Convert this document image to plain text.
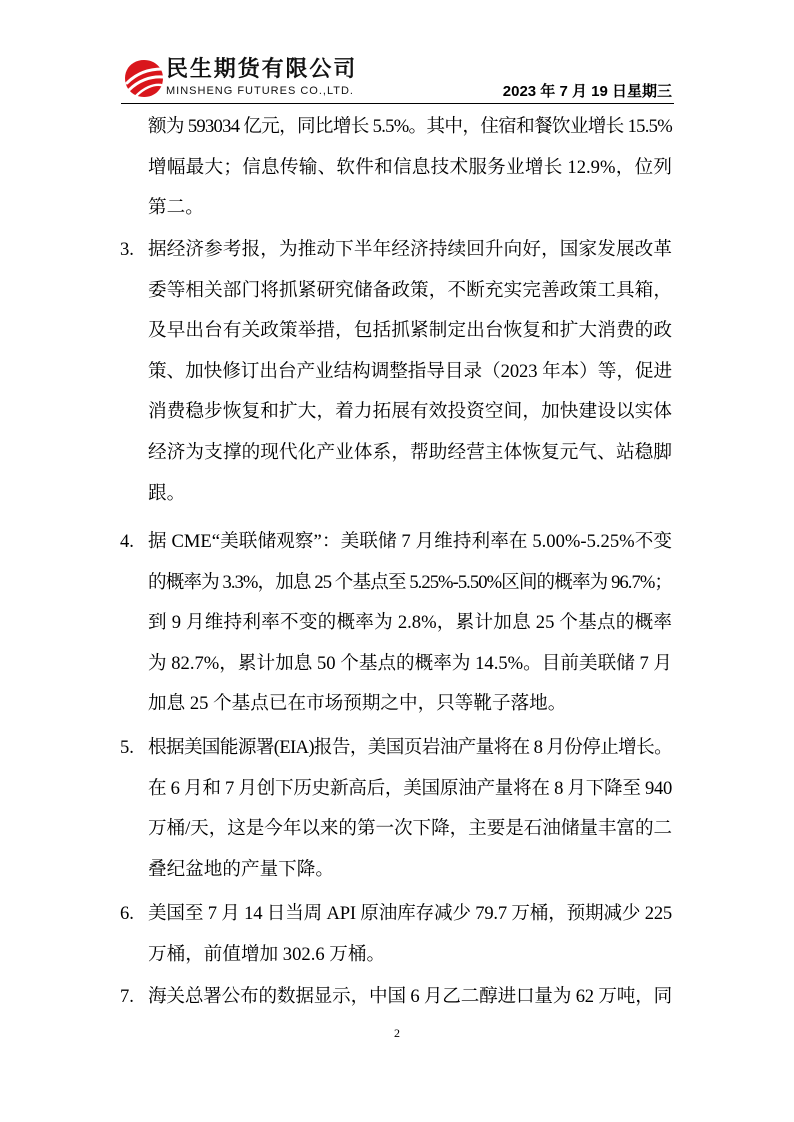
民生期货有限公司
MINSHENG FUTURES CO.,LTD.	2023 年 7 月 19 日星期三
额为 593034 亿元，同比增长 5.5%。其中，住宿和餐饮业增长 15.5%
增幅最大；信息传输、软件和信息技术服务业增长 12.9%，位列
第二。
3. 据经济参考报，为推动下半年经济持续回升向好，国家发展改革
委等相关部门将抓紧研究储备政策，不断充实完善政策工具箱，
及早出台有关政策举措，包括抓紧制定出台恢复和扩大消费的政
策、加快修订出台产业结构调整指导目录（2023 年本）等，促进
消费稳步恢复和扩大，着力拓展有效投资空间，加快建设以实体
经济为支撑的现代化产业体系，帮助经营主体恢复元气、站稳脚
跟。
4. 据 CME“美联储观察”：美联储 7 月维持利率在 5.00%-5.25%不变
的概率为 3.3%，加息 25 个基点至 5.25%-5.50%区间的概率为 96.7%；
到 9 月维持利率不变的概率为 2.8%，累计加息 25 个基点的概率
为 82.7%，累计加息 50 个基点的概率为 14.5%。目前美联储 7 月
加息 25 个基点已在市场预期之中，只等靴子落地。
5. 根据美国能源署(EIA)报告，美国页岩油产量将在 8 月份停止增长。
在 6 月和 7 月创下历史新高后，美国原油产量将在 8 月下降至 940
万桶/天，这是今年以来的第一次下降，主要是石油储量丰富的二
叠纪盆地的产量下降。
6. 美国至 7 月 14 日当周 API 原油库存减少 79.7 万桶，预期减少 225
万桶，前值增加 302.6 万桶。
7. 海关总署公布的数据显示，中国 6 月乙二醇进口量为 62 万吨，同
2
